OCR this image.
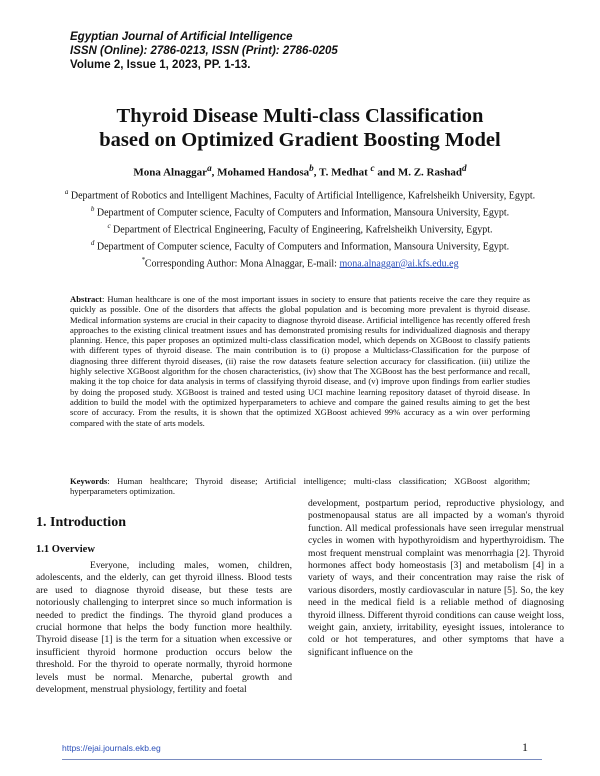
Egyptian Journal of Artificial Intelligence
ISSN (Online): 2786-0213, ISSN (Print): 2786-0205
Volume 2, Issue 1, 2023, PP. 1-13.
Thyroid Disease Multi-class Classification
based on Optimized Gradient Boosting Model
Mona Alnaggar$^a$, Mohamed Handosa$^b$, T. Medhat $^c$ and M. Z. Rashad$^d$
$^a$ Department of Robotics and Intelligent Machines, Faculty of Artificial Intelligence, Kafrelsheikh University, Egypt.
$^b$ Department of Computer science, Faculty of Computers and Information, Mansoura University, Egypt.
$^c$ Department of Electrical Engineering, Faculty of Engineering, Kafrelsheikh University, Egypt.
$^d$ Department of Computer science, Faculty of Computers and Information, Mansoura University, Egypt.
*Corresponding Author: Mona Alnaggar, E-mail: mona.alnaggar@ai.kfs.edu.eg
Abstract: Human healthcare is one of the most important issues in society to ensure that patients receive the care they require as quickly as possible. One of the disorders that affects the global population and is becoming more prevalent is thyroid disease. Medical information systems are crucial in their capacity to diagnose thyroid disease. Artificial intelligence has recently offered fresh approaches to the existing clinical treatment issues and has demonstrated promising results for individualized diagnosis and therapy planning. Hence, this paper proposes an optimized multi-class classification model, which depends on XGBoost to classify patients with different types of thyroid disease. The main contribution is to (i) propose a Multiclass-Classification for the purpose of diagnosing three different thyroid diseases, (ii) raise the row datasets feature selection accuracy for classification. (iii) utilize the highly selective XGBoost algorithm for the chosen characteristics, (iv) show that The XGBoost has the best performance and recall, making it the top choice for data analysis in terms of classifying thyroid disease, and (v) improve upon findings from earlier studies by doing the proposed study. XGBoost is trained and tested using UCI machine learning repository dataset of thyroid disease. In addition to build the model with the optimized hyperparameters to achieve and compare the gained results aiming to get the best score of accuracy. From the results, it is shown that the optimized XGBoost achieved 99% accuracy as a win over performing compared with the state of arts models.
Keywords: Human healthcare; Thyroid disease; Artificial intelligence; multi-class classification; XGBoost algorithm; hyperparameters optimization.
1. Introduction
1.1 Overview
Everyone, including males, women, children, adolescents, and the elderly, can get thyroid illness. Blood tests are used to diagnose thyroid disease, but these tests are notoriously challenging to interpret since so much information is needed to predict the findings. The thyroid gland produces a crucial hormone that helps the body function more healthily. Thyroid disease [1] is the term for a situation when excessive or insufficient thyroid hormone production occurs below the threshold. For the thyroid to operate normally, thyroid hormone levels must be normal. Menarche, pubertal growth and development, menstrual physiology, fertility and foetal
development, postpartum period, reproductive physiology, and postmenopausal status are all impacted by a woman's thyroid function. All medical professionals have seen irregular menstrual cycles in women with hypothyroidism and hyperthyroidism. The most frequent menstrual complaint was menorrhagia [2]. Thyroid hormones affect body homeostasis [3] and metabolism [4] in a variety of ways, and their concentration may raise the risk of various disorders, mostly cardiovascular in nature [5]. So, the key need in the medical field is a reliable method of diagnosing thyroid illness. Different thyroid conditions can cause weight loss, weight gain, anxiety, irritability, eyesight issues, intolerance to cold or hot temperatures, and other symptoms that have a significant influence on the
https://ejai.journals.ekb.eg	1
